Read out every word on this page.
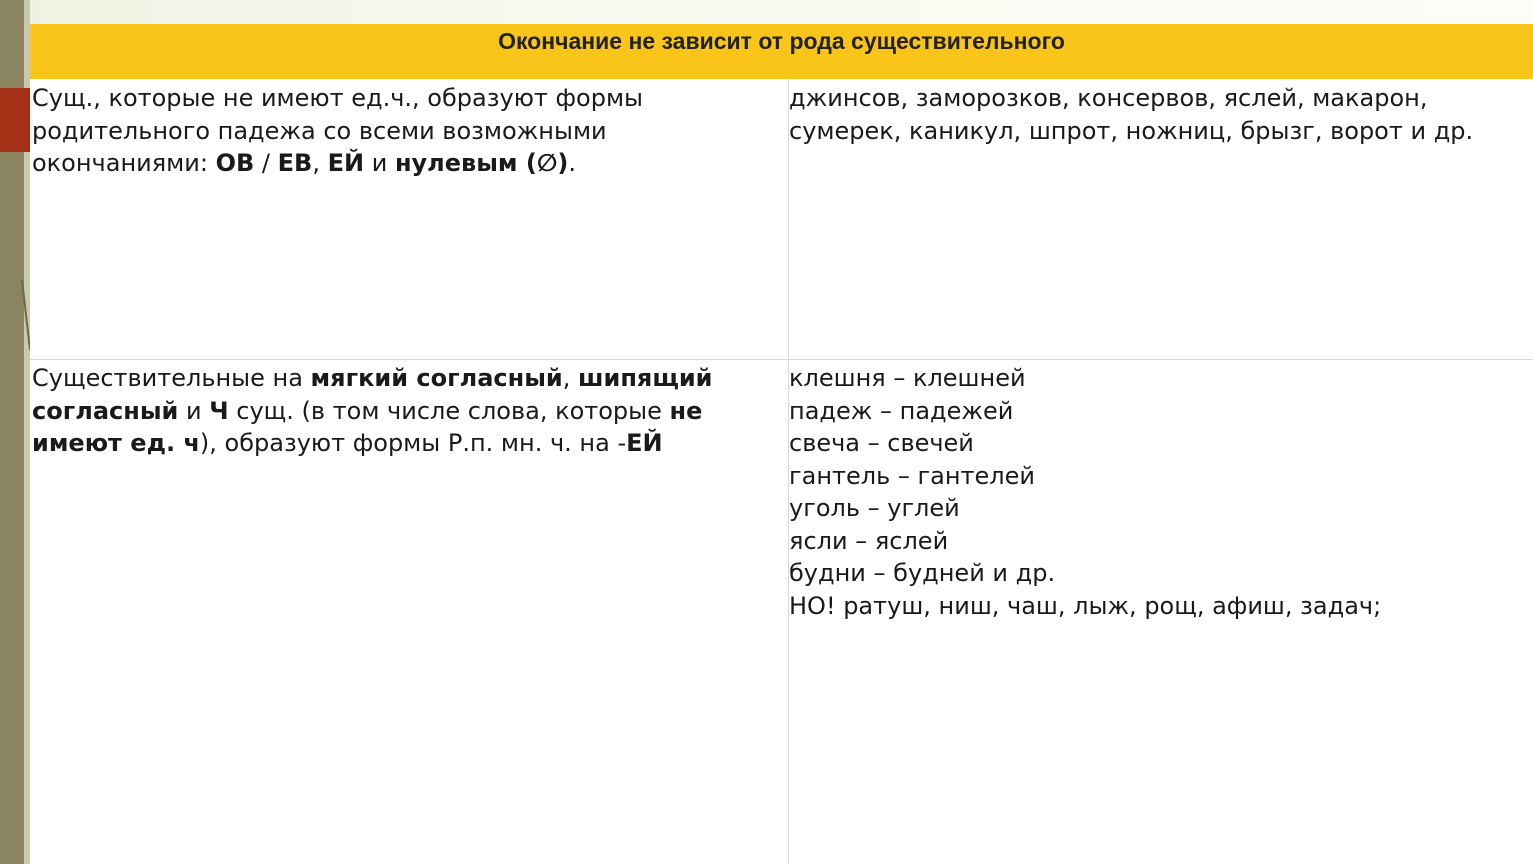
Окончание не зависит от рода существительного
Сущ., которые не имеют ед.ч., образуют формы родительного падежа со всеми возможными окончаниями: ОВ / ЕВ, ЕЙ и нулевым (∅).
джинсов, заморозков, консервов, яслей, макарон, сумерек, каникул, шпрот, ножниц, брызг, ворот и др.
Существительные на мягкий согласный, шипящий согласный и Ч сущ. (в том числе слова, которые не имеют ед. ч), образуют формы Р.п. мн. ч. на -ЕЙ
клешня – клешней
падеж – падежей
свеча – свечей
гантель – гантелей
уголь – углей
ясли – яслей
будни – будней и др.
НО! ратуш, ниш, чаш, лыж, рощ, афиш, задач;
